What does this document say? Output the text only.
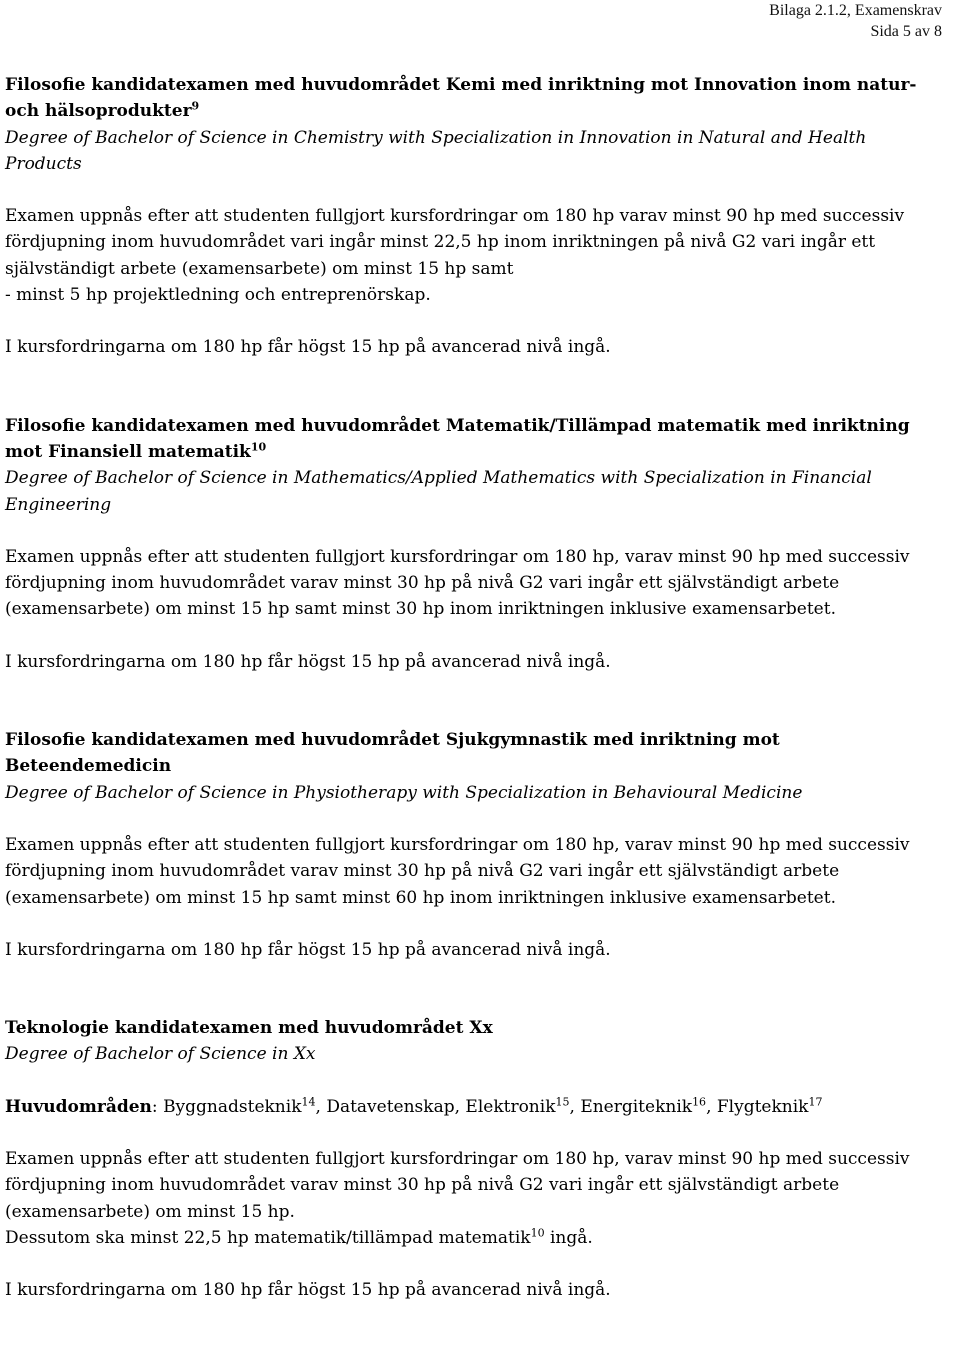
Bilaga 2.1.2, Examenskrav
Sida 5 av 8

Filosofie kandidatexamen med huvudområdet Kemi med inriktning mot Innovation inom natur- och hälsoprodukter$^9$

Degree of Bachelor of Science in Chemistry with Specialization in Innovation in Natural and Health Products

Examen uppnås efter att studenten fullgjort kursfordringar om 180 hp varav minst 90 hp med successiv fördjupning inom huvudområdet vari ingår minst 22,5 hp inom inriktningen på nivå G2 vari ingår ett självständigt arbete (examensarbete) om minst 15 hp samt

- minst 5 hp projektledning och entreprenörskap.

I kursfordringarna om 180 hp får högst 15 hp på avancerad nivå ingå.

Filosofie kandidatexamen med huvudområdet Matematik/Tillämpad matematik med inriktning mot Finansiell matematik$^{10}$

Degree of Bachelor of Science in Mathematics/Applied Mathematics with Specialization in Financial Engineering

Examen uppnås efter att studenten fullgjort kursfordringar om 180 hp, varav minst 90 hp med successiv fördjupning inom huvudområdet varav minst 30 hp på nivå G2 vari ingår ett självständigt arbete (examensarbete) om minst 15 hp samt minst 30 hp inom inriktningen inklusive examensarbetet.

I kursfordringarna om 180 hp får högst 15 hp på avancerad nivå ingå.

Filosofie kandidatexamen med huvudområdet Sjukgymnastik med inriktning mot Beteendemedicin

Degree of Bachelor of Science in Physiotherapy with Specialization in Behavioural Medicine

Examen uppnås efter att studenten fullgjort kursfordringar om 180 hp, varav minst 90 hp med successiv fördjupning inom huvudområdet varav minst 30 hp på nivå G2 vari ingår ett självständigt arbete (examensarbete) om minst 15 hp samt minst 60 hp inom inriktningen inklusive examensarbetet.

I kursfordringarna om 180 hp får högst 15 hp på avancerad nivå ingå.

Teknologie kandidatexamen med huvudområdet Xx

Degree of Bachelor of Science in Xx

Huvudområden: Byggnadsteknik$^{14}$, Datavetenskap, Elektronik$^{15}$, Energiteknik$^{16}$, Flygteknik$^{17}$

Examen uppnås efter att studenten fullgjort kursfordringar om 180 hp, varav minst 90 hp med successiv fördjupning inom huvudområdet varav minst 30 hp på nivå G2 vari ingår ett självständigt arbete (examensarbete) om minst 15 hp.

Dessutom ska minst 22,5 hp matematik/tillämpad matematik$^{10}$ ingå.

I kursfordringarna om 180 hp får högst 15 hp på avancerad nivå ingå.
